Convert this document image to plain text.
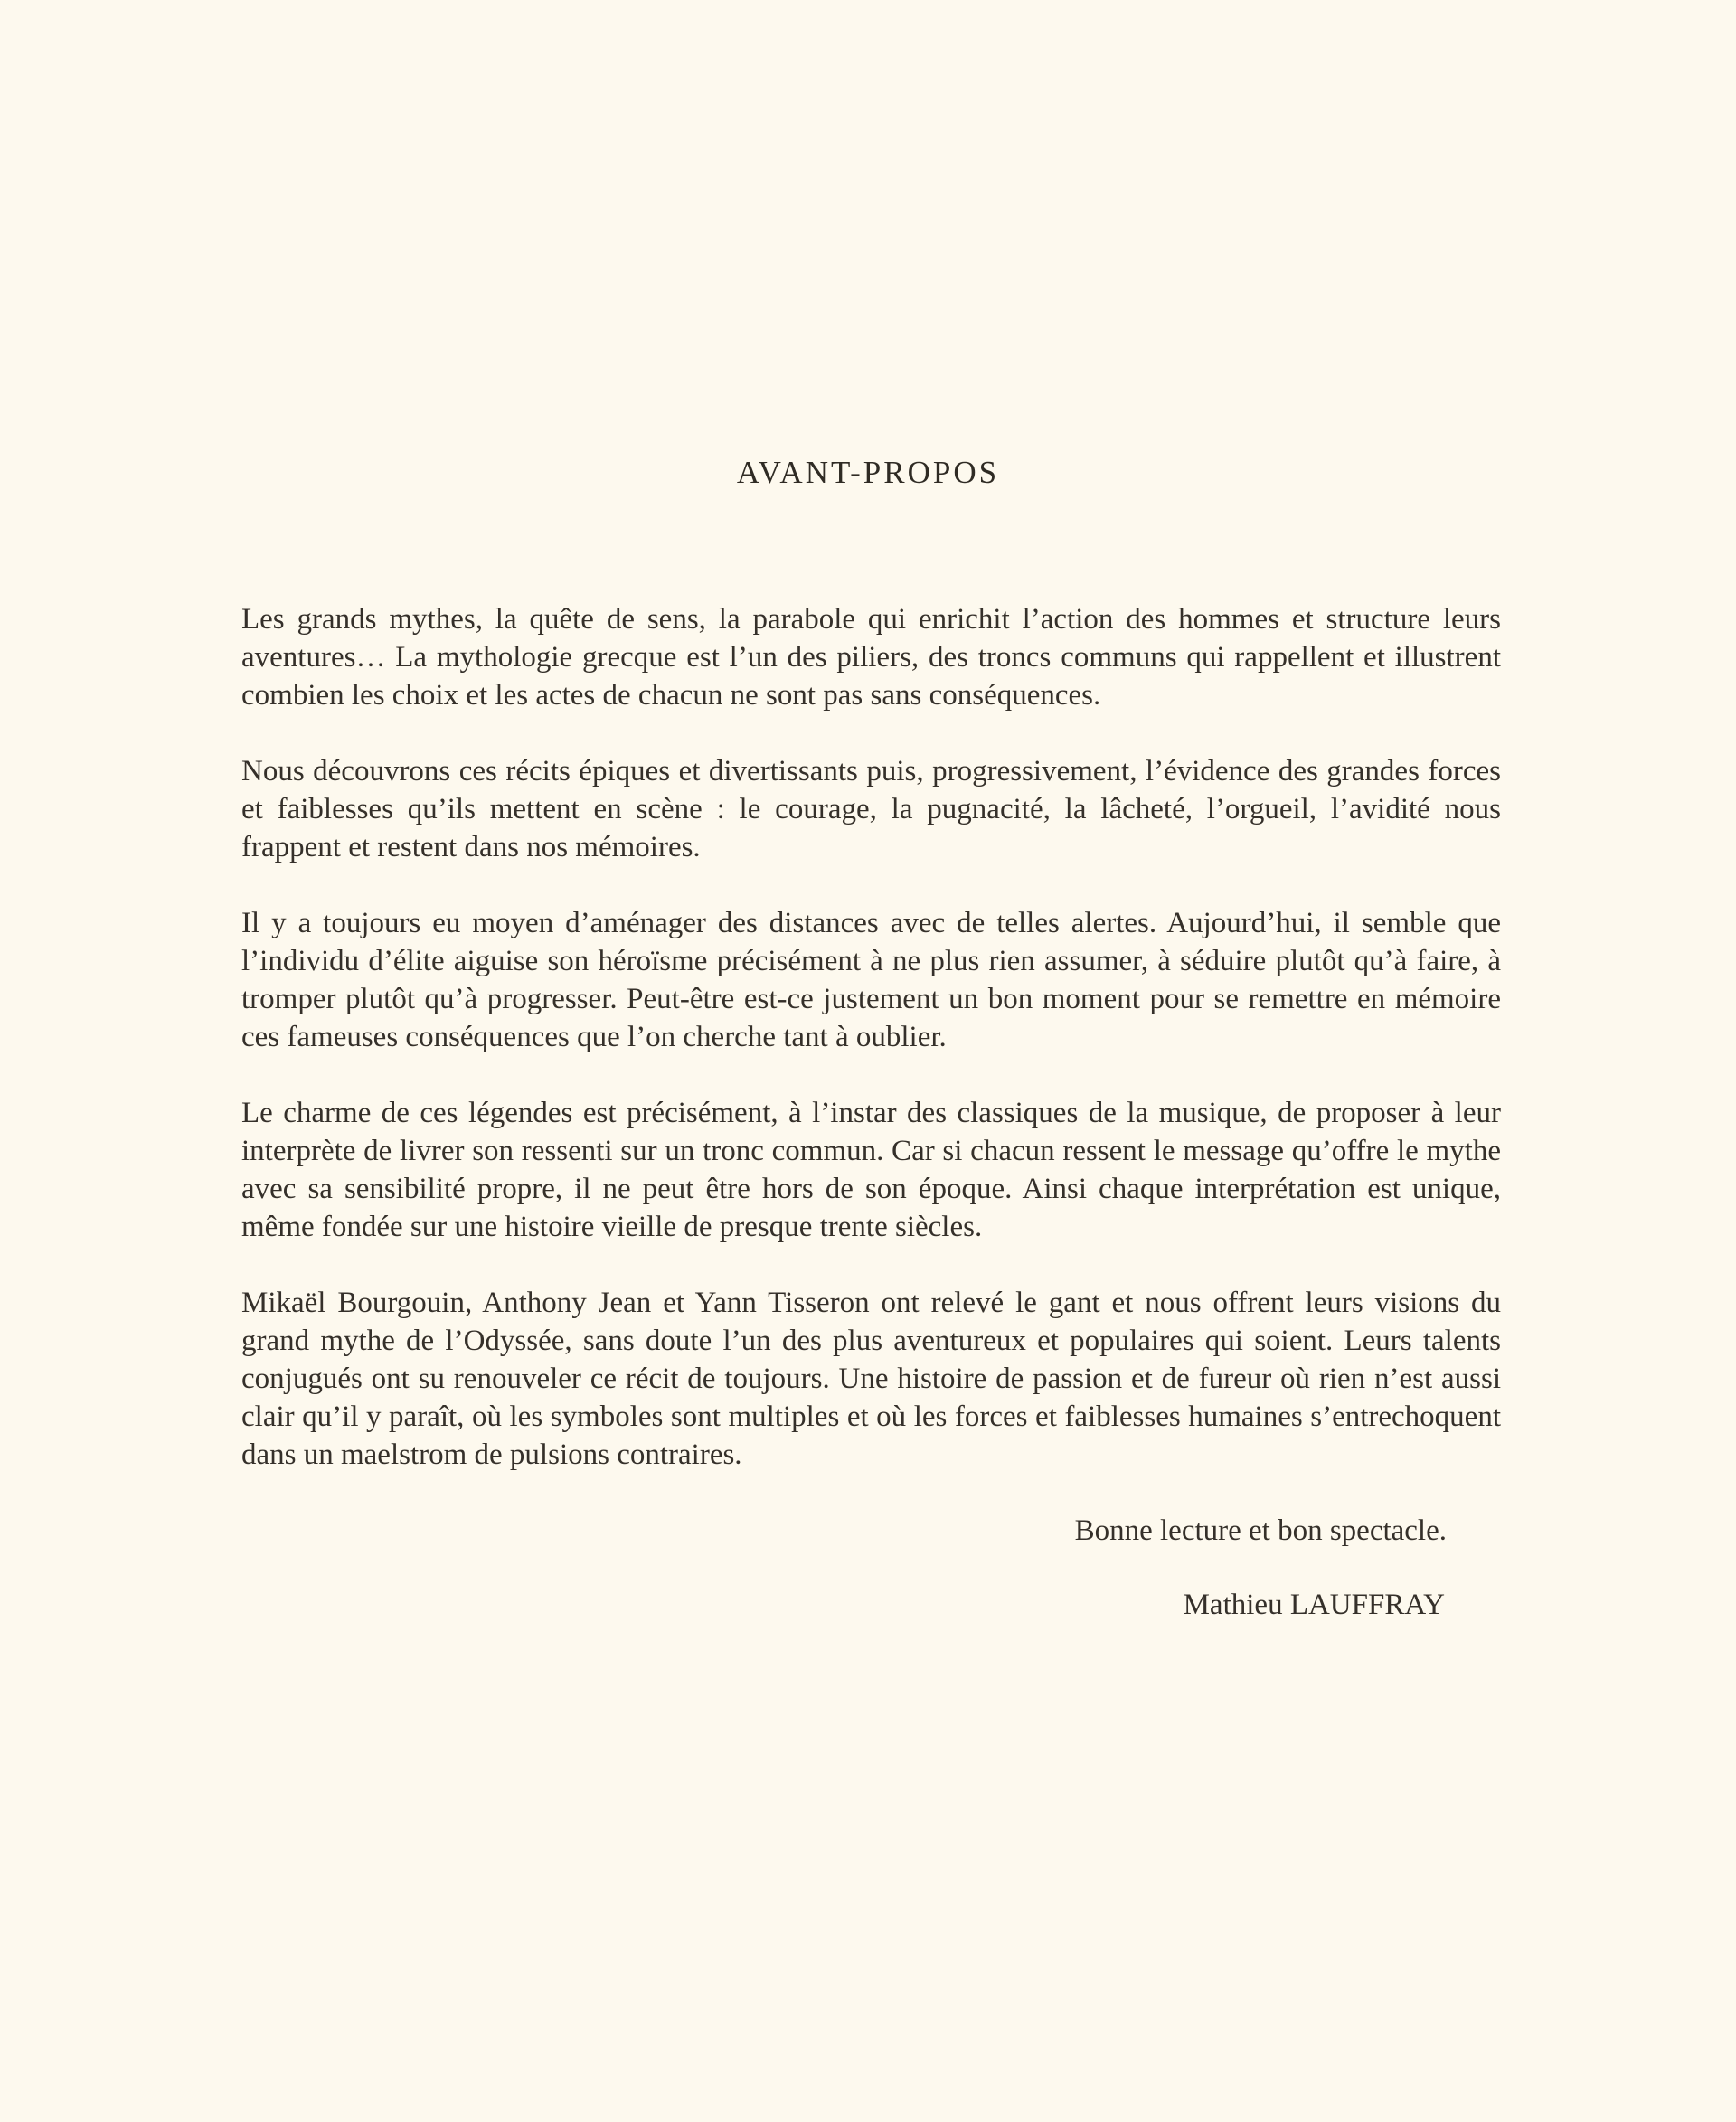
AVANT-PROPOS

Les grands mythes, la quête de sens, la parabole qui enrichit l’action des hommes et structure leurs aventures… La mythologie grecque est l’un des piliers, des troncs communs qui rappellent et illustrent combien les choix et les actes de chacun ne sont pas sans conséquences.

Nous découvrons ces récits épiques et divertissants puis, progressivement, l’évidence des grandes forces et faiblesses qu’ils mettent en scène : le courage, la pugnacité, la lâcheté, l’orgueil, l’avidité nous frappent et restent dans nos mémoires.

Il y a toujours eu moyen d’aménager des distances avec de telles alertes. Aujourd’hui, il semble que l’individu d’élite aiguise son héroïsme précisément à ne plus rien assumer, à séduire plutôt qu’à faire, à tromper plutôt qu’à progresser. Peut-être est-ce justement un bon moment pour se remettre en mémoire ces fameuses conséquences que l’on cherche tant à oublier.

Le charme de ces légendes est précisément, à l’instar des classiques de la musique, de proposer à leur interprète de livrer son ressenti sur un tronc commun. Car si chacun ressent le message qu’offre le mythe avec sa sensibilité propre, il ne peut être hors de son époque. Ainsi chaque interprétation est unique, même fondée sur une histoire vieille de presque trente siècles.

Mikaël Bourgouin, Anthony Jean et Yann Tisseron ont relevé le gant et nous offrent leurs visions du grand mythe de l’Odyssée, sans doute l’un des plus aventureux et populaires qui soient. Leurs talents conjugués ont su renouveler ce récit de toujours. Une histoire de passion et de fureur où rien n’est aussi clair qu’il y paraît, où les symboles sont multiples et où les forces et faiblesses humaines s’entrechoquent dans un maelstrom de pulsions contraires.

Bonne lecture et bon spectacle.

Mathieu LAUFFRAY
